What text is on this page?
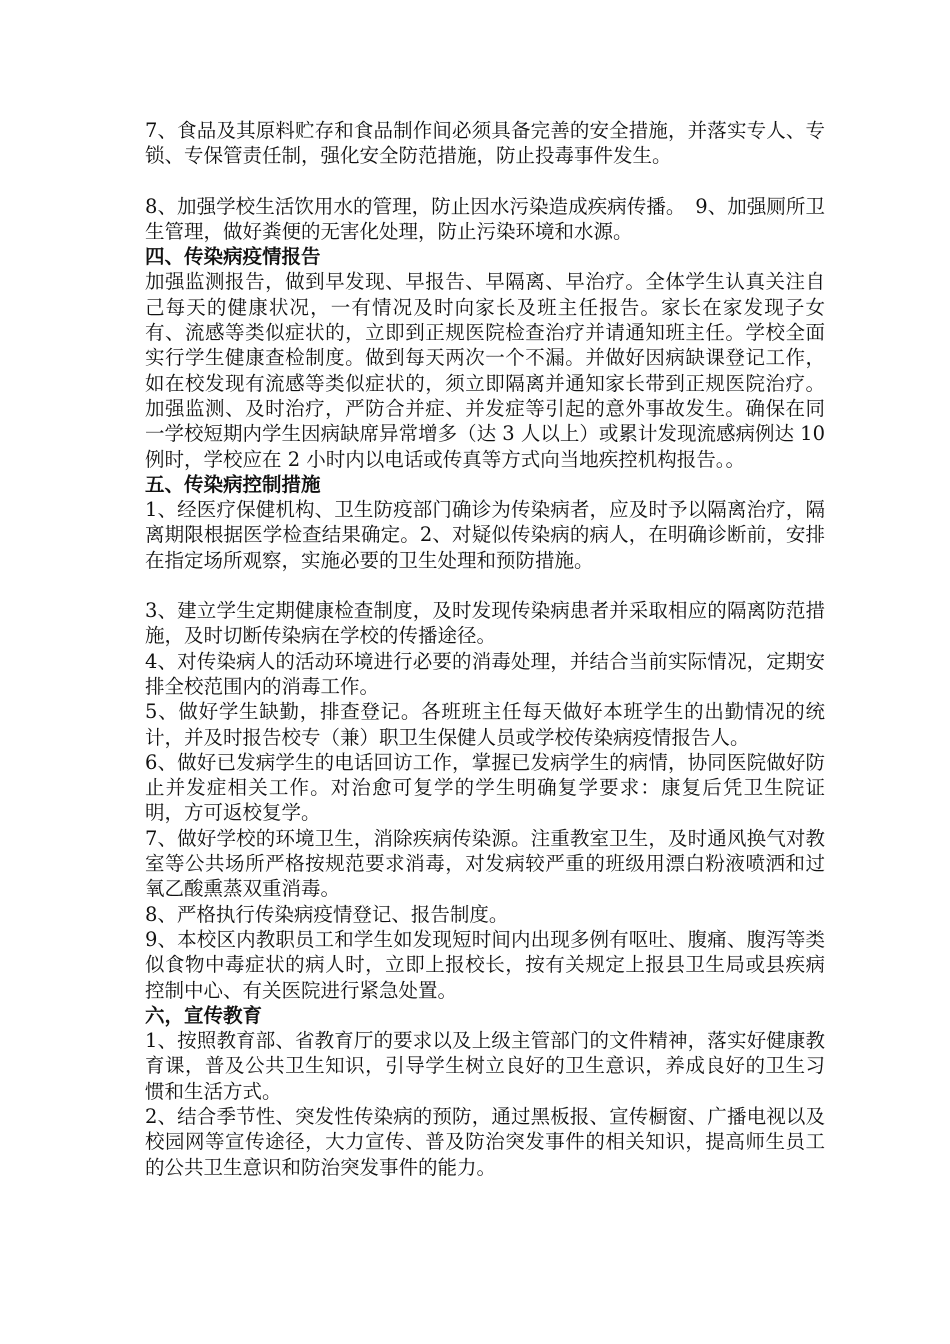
7、食品及其原料贮存和食品制作间必须具备完善的安全措施，并落实专人、专锁、专保管责任制，强化安全防范措施，防止投毒事件发生。

8、加强学校生活饮用水的管理，防止因水污染造成疾病传播。　9、加强厕所卫生管理，做好粪便的无害化处理，防止污染环境和水源。

四、传染病疫情报告

加强监测报告，做到早发现、早报告、早隔离、早治疗。全体学生认真关注自己每天的健康状况，一有情况及时向家长及班主任报告。家长在家发现子女有、流感等类似症状的，立即到正规医院检查治疗并请通知班主任。学校全面实行学生健康查检制度。做到每天两次一个不漏。并做好因病缺课登记工作，如在校发现有流感等类似症状的，须立即隔离并通知家长带到正规医院治疗。加强监测、及时治疗，严防合并症、并发症等引起的意外事故发生。确保在同一学校短期内学生因病缺席异常增多（达 3 人以上）或累计发现流感病例达 10 例时，学校应在 2 小时内以电话或传真等方式向当地疾控机构报告。。

五、传染病控制措施

1、经医疗保健机构、卫生防疫部门确诊为传染病者，应及时予以隔离治疗，隔离期限根据医学检查结果确定。2、对疑似传染病的病人，在明确诊断前，安排在指定场所观察，实施必要的卫生处理和预防措施。

3、建立学生定期健康检查制度，及时发现传染病患者并采取相应的隔离防范措施，及时切断传染病在学校的传播途径。

4、对传染病人的活动环境进行必要的消毒处理，并结合当前实际情况，定期安排全校范围内的消毒工作。

5、做好学生缺勤，排查登记。各班班主任每天做好本班学生的出勤情况的统计，并及时报告校专（兼）职卫生保健人员或学校传染病疫情报告人。

6、做好已发病学生的电话回访工作，掌握已发病学生的病情，协同医院做好防止并发症相关工作。对治愈可复学的学生明确复学要求：康复后凭卫生院证明，方可返校复学。

7、做好学校的环境卫生，消除疾病传染源。注重教室卫生，及时通风换气对教室等公共场所严格按规范要求消毒，对发病较严重的班级用漂白粉液喷洒和过氧乙酸熏蒸双重消毒。

8、严格执行传染病疫情登记、报告制度。

9、本校区内教职员工和学生如发现短时间内出现多例有呕吐、腹痛、腹泻等类似食物中毒症状的病人时，立即上报校长，按有关规定上报县卫生局或县疾病控制中心、有关医院进行紧急处置。

六，宣传教育

1、按照教育部、省教育厅的要求以及上级主管部门的文件精神，落实好健康教育课，普及公共卫生知识，引导学生树立良好的卫生意识，养成良好的卫生习惯和生活方式。

2、结合季节性、突发性传染病的预防，通过黑板报、宣传橱窗、广播电视以及校园网等宣传途径，大力宣传、普及防治突发事件的相关知识，提高师生员工的公共卫生意识和防治突发事件的能力。
